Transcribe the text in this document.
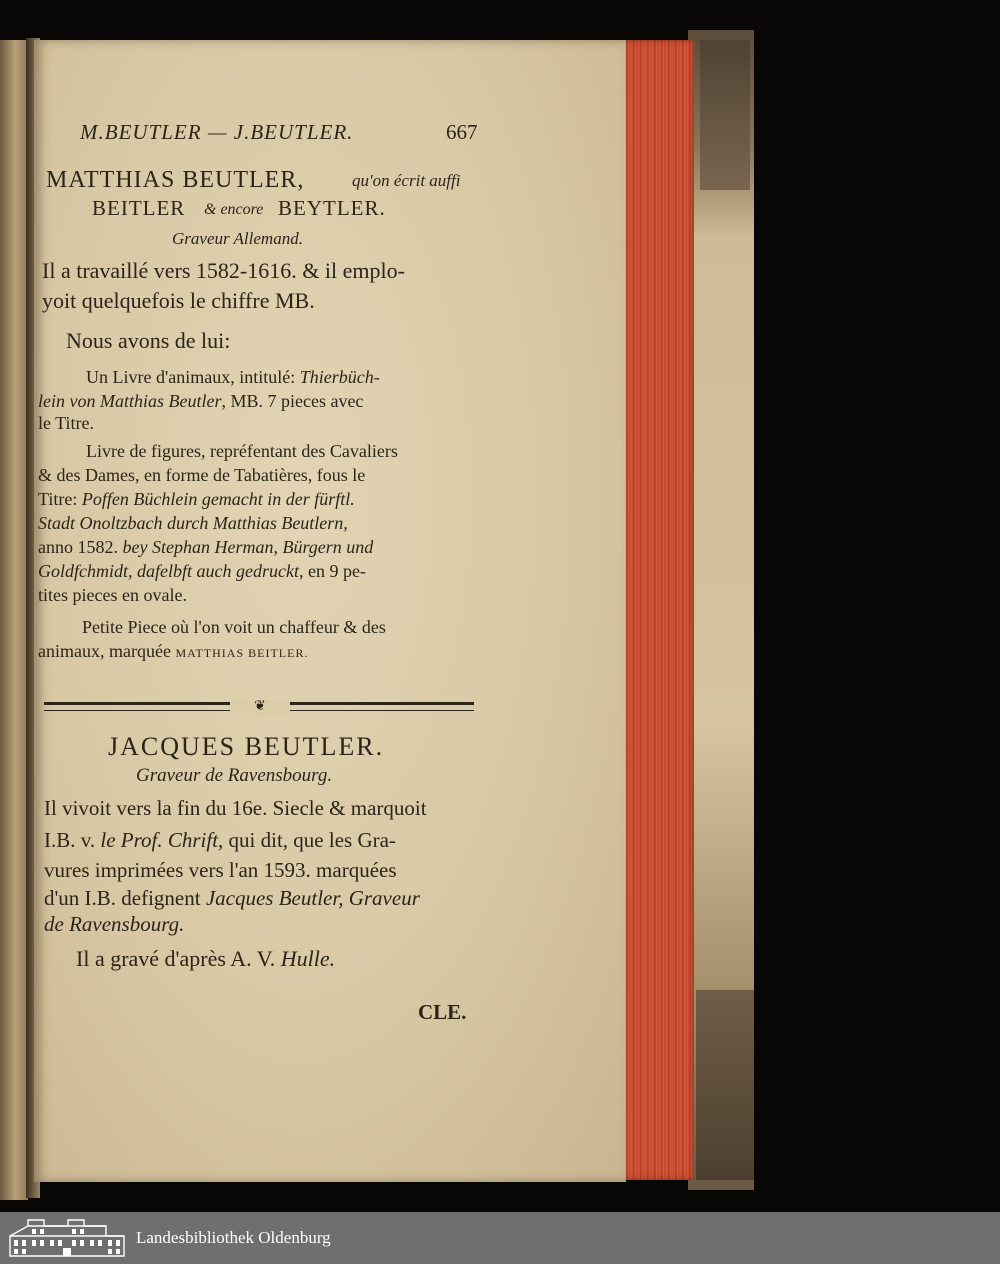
M.BEUTLER — J.BEUTLER.	667
MATTHIAS BEUTLER,	qu'on écrit auffi
BEITLER & encore BEYTLER.
Graveur Allemand.
Il a travaillé vers 1582-1616. & il emplo-
yoit quelquefois le chiffre MB.
Nous avons de lui:
Un Livre d'animaux, intitulé: Thierbüch-
lein von Matthias Beutler, MB. 7 pieces avec
le Titre.
Livre de figures, repréfentant des Cavaliers
& des Dames, en forme de Tabatières, fous le
Titre: Poffen Büchlein gemacht in der fürftl.
Stadt Onoltzbach durch Matthias Beutlern,
anno 1582. bey Stephan Herman, Bürgern und
Goldfchmidt, dafelbft auch gedruckt, en 9 pe-
tites pieces en ovale.
Petite Piece où l'on voit un chaffeur & des
animaux, marquée MATTHIAS BEITLER.
❦
JACQUES BEUTLER.
Graveur de Ravensbourg.
Il vivoit vers la fin du 16e. Siecle & marquoit
I.B. v. le Prof. Chrift, qui dit, que les Gra-
vures imprimées vers l'an 1593. marquées
d'un I.B. defignent Jacques Beutler, Graveur
de Ravensbourg.
Il a gravé d'après A. V. Hulle.
CLE.
Landesbibliothek Oldenburg
